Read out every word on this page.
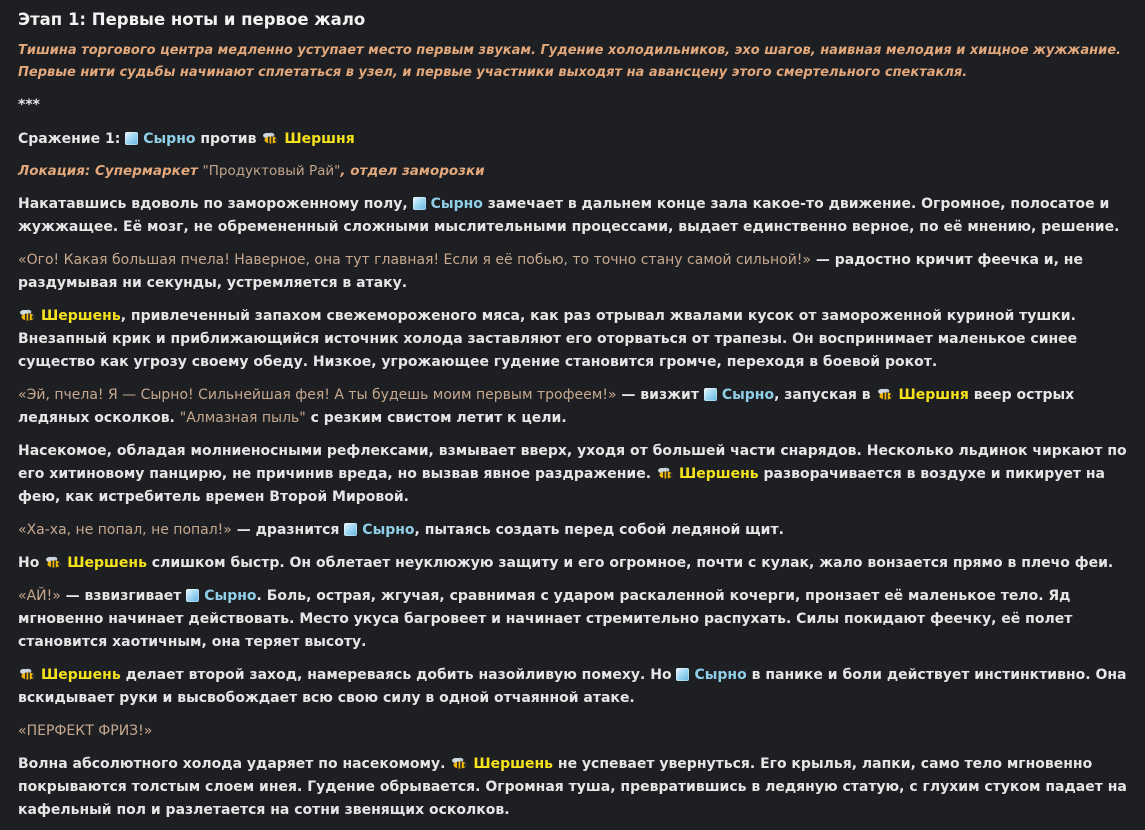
Этап 1: Первые ноты и первое жало

Тишина торгового центра медленно уступает место первым звукам. Гудение холодильников, эхо шагов, наивная мелодия и хищное жужжание. Первые нити судьбы начинают сплетаться в узел, и первые участники выходят на авансцену этого смертельного спектакля.

***

Сражение 1: Сырно против Шершня

Локация: Супермаркет "Продуктовый Рай", отдел заморозки

Накатавшись вдоволь по замороженному полу, Сырно замечает в дальнем конце зала какое-то движение. Огромное, полосатое и жужжащее. Её мозг, не обремененный сложными мыслительными процессами, выдает единственно верное, по её мнению, решение.

«Ого! Какая большая пчела! Наверное, она тут главная! Если я её побью, то точно стану самой сильной!» — радостно кричит феечка и, не раздумывая ни секунды, устремляется в атаку.

Шершень, привлеченный запахом свежемороженого мяса, как раз отрывал жвалами кусок от замороженной куриной тушки. Внезапный крик и приближающийся источник холода заставляют его оторваться от трапезы. Он воспринимает маленькое синее существо как угрозу своему обеду. Низкое, угрожающее гудение становится громче, переходя в боевой рокот.

«Эй, пчела! Я — Сырно! Сильнейшая фея! А ты будешь моим первым трофеем!» — визжит Сырно, запуская в Шершня веер острых ледяных осколков. "Алмазная пыль" с резким свистом летит к цели.

Насекомое, обладая молниеносными рефлексами, взмывает вверх, уходя от большей части снарядов. Несколько льдинок чиркают по его хитиновому панцирю, не причинив вреда, но вызвав явное раздражение. Шершень разворачивается в воздухе и пикирует на фею, как истребитель времен Второй Мировой.

«Ха-ха, не попал, не попал!» — дразнится Сырно, пытаясь создать перед собой ледяной щит.

Но Шершень слишком быстр. Он облетает неуклюжую защиту и его огромное, почти с кулак, жало вонзается прямо в плечо феи.

«АЙ!» — взвизгивает Сырно. Боль, острая, жгучая, сравнимая с ударом раскаленной кочерги, пронзает её маленькое тело. Яд мгновенно начинает действовать. Место укуса багровеет и начинает стремительно распухать. Силы покидают феечку, её полет становится хаотичным, она теряет высоту.

Шершень делает второй заход, намереваясь добить назойливую помеху. Но Сырно в панике и боли действует инстинктивно. Она вскидывает руки и высвобождает всю свою силу в одной отчаянной атаке.

«ПЕРФЕКТ ФРИЗ!»

Волна абсолютного холода ударяет по насекомому. Шершень не успевает увернуться. Его крылья, лапки, само тело мгновенно покрываются толстым слоем инея. Гудение обрывается. Огромная туша, превратившись в ледяную статую, с глухим стуком падает на кафельный пол и разлетается на сотни звенящих осколков.
